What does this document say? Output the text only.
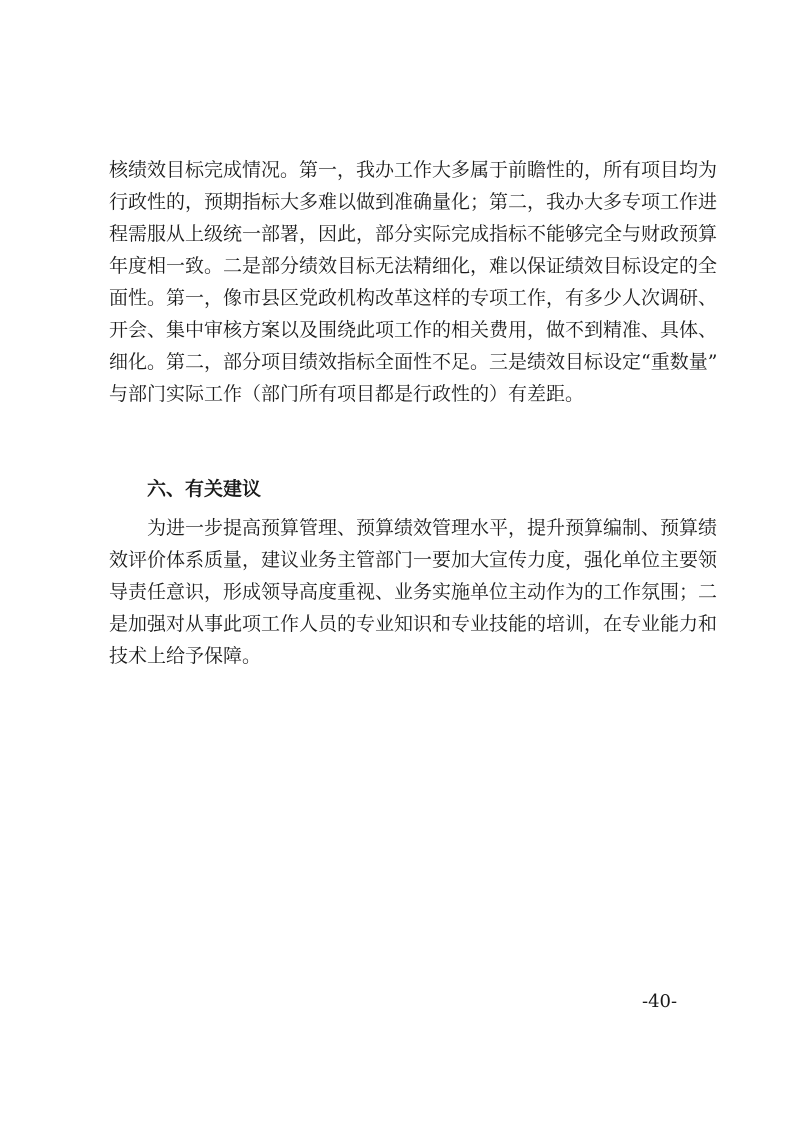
核绩效目标完成情况。第一，我办工作大多属于前瞻性的，所有项目均为
行政性的，预期指标大多难以做到准确量化；第二，我办大多专项工作进
程需服从上级统一部署，因此，部分实际完成指标不能够完全与财政预算
年度相一致。二是部分绩效目标无法精细化，难以保证绩效目标设定的全
面性。第一，像市县区党政机构改革这样的专项工作，有多少人次调研、
开会、集中审核方案以及围绕此项工作的相关费用，做不到精准、具体、
细化。第二，部分项目绩效指标全面性不足。三是绩效目标设定“重数量”
与部门实际工作（部门所有项目都是行政性的）有差距。
六、有关建议
为进一步提高预算管理、预算绩效管理水平，提升预算编制、预算绩
效评价体系质量，建议业务主管部门一要加大宣传力度，强化单位主要领
导责任意识，形成领导高度重视、业务实施单位主动作为的工作氛围；二
是加强对从事此项工作人员的专业知识和专业技能的培训，在专业能力和
技术上给予保障。
-40-
